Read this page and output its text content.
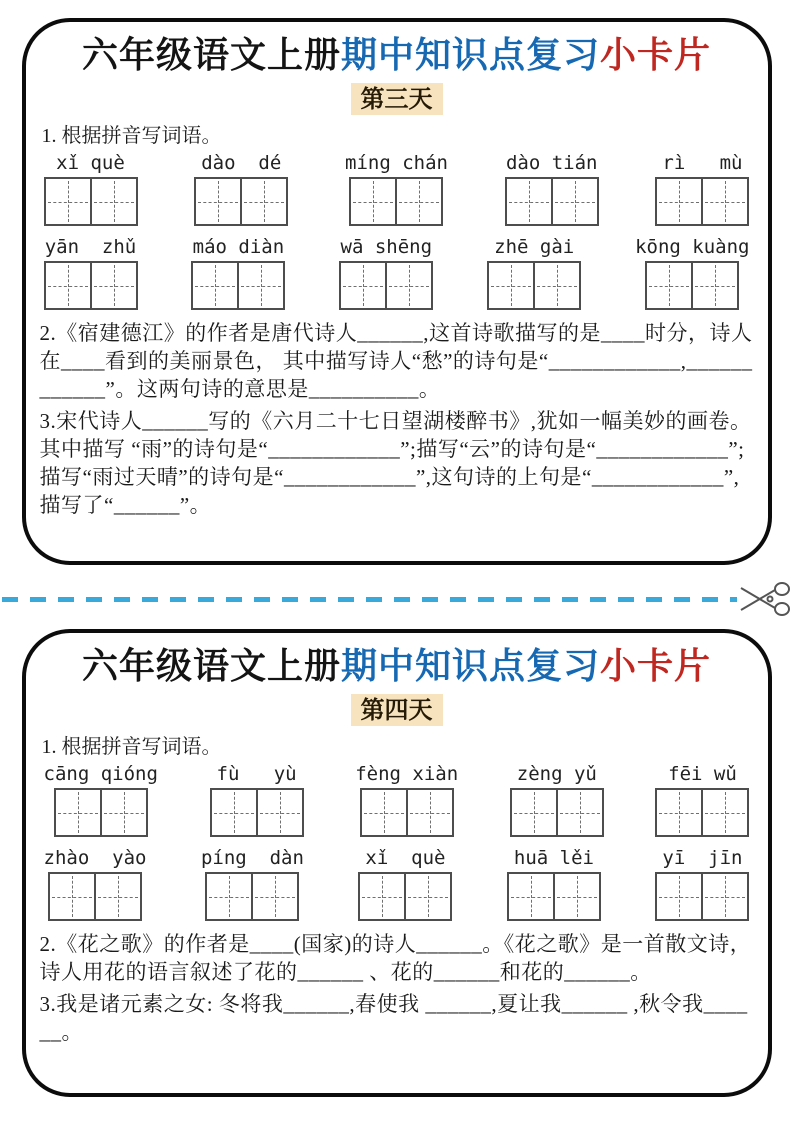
六年级语文上册期中知识点复习小卡片
第三天
1. 根据拼音写词语。
xǐ què	dào  dé	míng chán	dào tián	rì   mù
yān  zhǔ	máo diàn	wā shēng	zhē gài	kōng kuàng
2.《宿建德江》的作者是唐代诗人______,这首诗歌描写的是____时分，诗人在____看到的美丽景色， 其中描写诗人“愁”的诗句是“____________,____________”。这两句诗的意思是__________。
3.宋代诗人______写的《六月二十七日望湖楼醉书》,犹如一幅美妙的画卷。其中描写 “雨”的诗句是“____________”;描写“云”的诗句是“____________”;描写“雨过天晴”的诗句是“____________”,这句诗的上句是“____________”,描写了“______”。
六年级语文上册期中知识点复习小卡片
第四天
1. 根据拼音写词语。
cāng qióng	fù   yù	fèng xiàn	zèng yǔ	fēi wǔ
zhào  yào	píng  dàn	xǐ  què	huā lěi	yī  jīn
2.《花之歌》的作者是____(国家)的诗人______。《花之歌》是一首散文诗， 诗人用花的语言叙述了花的______ 、花的______和花的______。
3.我是诸元素之女: 冬将我______,春使我 ______,夏让我______ ,秋令我______。
